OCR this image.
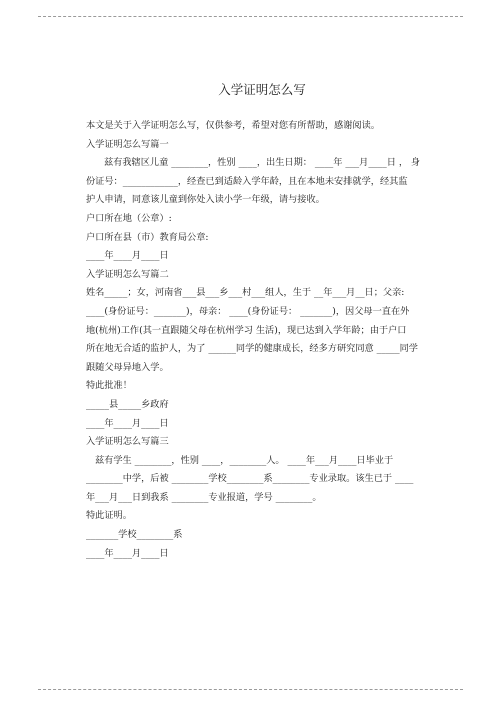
入学证明怎么写
本文是关于入学证明怎么写，仅供参考，希望对您有所帮助，感谢阅读。
入学证明怎么写篇一
兹有我辖区儿童 ________，性别 ____，出生日期： ____年 ___月____日 ， 身
份证号：____________，经查已到适龄入学年龄，且在本地未安排就学，经其监
护人申请，同意该儿童到你处入读小学一年级，请与接收。
户口所在地（公章）:
户口所在县（市）教育局公章:
____年____月____日
入学证明怎么写篇二
姓名_____；女，河南省___县___乡___村___组人，生于 __年___月__日；父亲:
____(身份证号：_______)，母亲： ____(身份证号： _______)，因父母一直在外
地(杭州)工作(其一直跟随父母在杭州学习 生活)，现已达到入学年龄；由于户口
所在地无合适的监护人，为了 ______同学的健康成长，经多方研究同意 _____同学
跟随父母异地入学。
特此批准！
_____县_____乡政府
____年____月____日
入学证明怎么写篇三
兹有学生 ________，性别 ____，________人。 ____年___月____日毕业于
________中学，后被 ________学校________系________专业录取。该生已于 ____
年___月___日到我系 ________专业报道，学号 ________。
特此证明。
_______学校________系
____年____月____日
